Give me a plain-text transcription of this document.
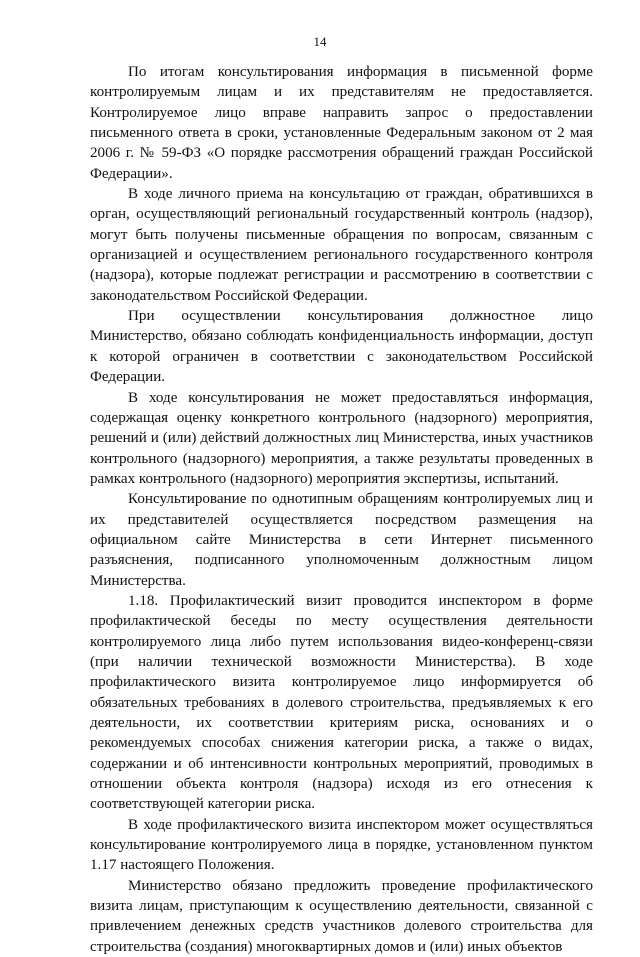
14

По итогам консультирования информация в письменной форме контролируемым лицам и их представителям не предоставляется. Контролируемое лицо вправе направить запрос о предоставлении письменного ответа в сроки, установленные Федеральным законом от 2 мая 2006 г. № 59-ФЗ «О порядке рассмотрения обращений граждан Российской Федерации».

В ходе личного приема на консультацию от граждан, обратившихся в орган, осуществляющий региональный государственный контроль (надзор), могут быть получены письменные обращения по вопросам, связанным с организацией и осуществлением регионального государственного контроля (надзора), которые подлежат регистрации и рассмотрению в соответствии с законодательством Российской Федерации.

При осуществлении консультирования должностное лицо Министерство, обязано соблюдать конфиденциальность информации, доступ к которой ограничен в соответствии с законодательством Российской Федерации.

В ходе консультирования не может предоставляться информация, содержащая оценку конкретного контрольного (надзорного) мероприятия, решений и (или) действий должностных лиц Министерства, иных участников контрольного (надзорного) мероприятия, а также результаты проведенных в рамках контрольного (надзорного) мероприятия экспертизы, испытаний.

Консультирование по однотипным обращениям контролируемых лиц и их представителей осуществляется посредством размещения на официальном сайте Министерства в сети Интернет письменного разъяснения, подписанного уполномоченным должностным лицом Министерства.

1.18. Профилактический визит проводится инспектором в форме профилактической беседы по месту осуществления деятельности контролируемого лица либо путем использования видео-конференц-связи (при наличии технической возможности Министерства). В ходе профилактического визита контролируемое лицо информируется об обязательных требованиях в долевого строительства, предъявляемых к его деятельности, их соответствии критериям риска, основаниях и о рекомендуемых способах снижения категории риска, а также о видах, содержании и об интенсивности контрольных мероприятий, проводимых в отношении объекта контроля (надзора) исходя из его отнесения к соответствующей категории риска.

В ходе профилактического визита инспектором может осуществляться консультирование контролируемого лица в порядке, установленном пунктом 1.17 настоящего Положения.

Министерство обязано предложить проведение профилактического визита лицам, приступающим к осуществлению деятельности, связанной с привлечением денежных средств участников долевого строительства для строительства (создания) многоквартирных домов и (или) иных объектов
